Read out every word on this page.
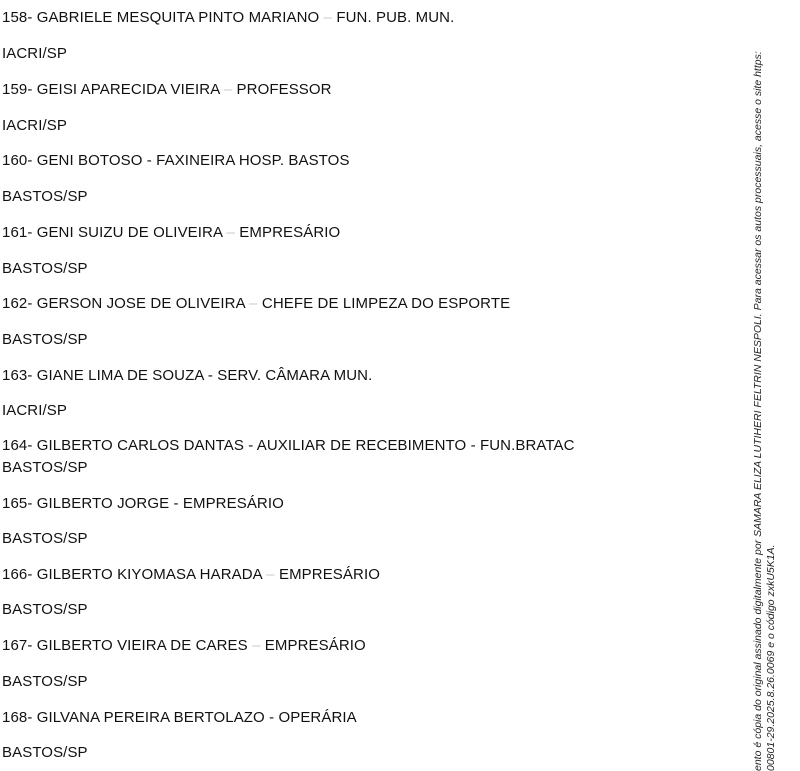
158- GABRIELE MESQUITA PINTO MARIANO – FUN. PUB. MUN.
IACRI/SP
159- GEISI APARECIDA VIEIRA – PROFESSOR
IACRI/SP
160- GENI BOTOSO - FAXINEIRA HOSP. BASTOS
BASTOS/SP
161- GENI SUIZU DE OLIVEIRA – EMPRESÁRIO
BASTOS/SP
162- GERSON JOSE DE OLIVEIRA – CHEFE DE LIMPEZA DO ESPORTE
BASTOS/SP
163- GIANE LIMA DE SOUZA - SERV. CÂMARA MUN.
IACRI/SP
164- GILBERTO CARLOS DANTAS - AUXILIAR DE RECEBIMENTO - FUN.BRATAC
BASTOS/SP
165- GILBERTO JORGE - EMPRESÁRIO
BASTOS/SP
166- GILBERTO KIYOMASA HARADA – EMPRESÁRIO
BASTOS/SP
167- GILBERTO VIEIRA DE CARES – EMPRESÁRIO
BASTOS/SP
168- GILVANA PEREIRA BERTOLAZO - OPERÁRIA
BASTOS/SP	ento é cópia do original assinado digitalmente por SAMARA ELIZA LUTIHERI FELTRIN NESPOLI. Para acessar os autos processuais, acesse o site https: 00801-29.2025.8.26.0069 e o código zxkU5K1A.
